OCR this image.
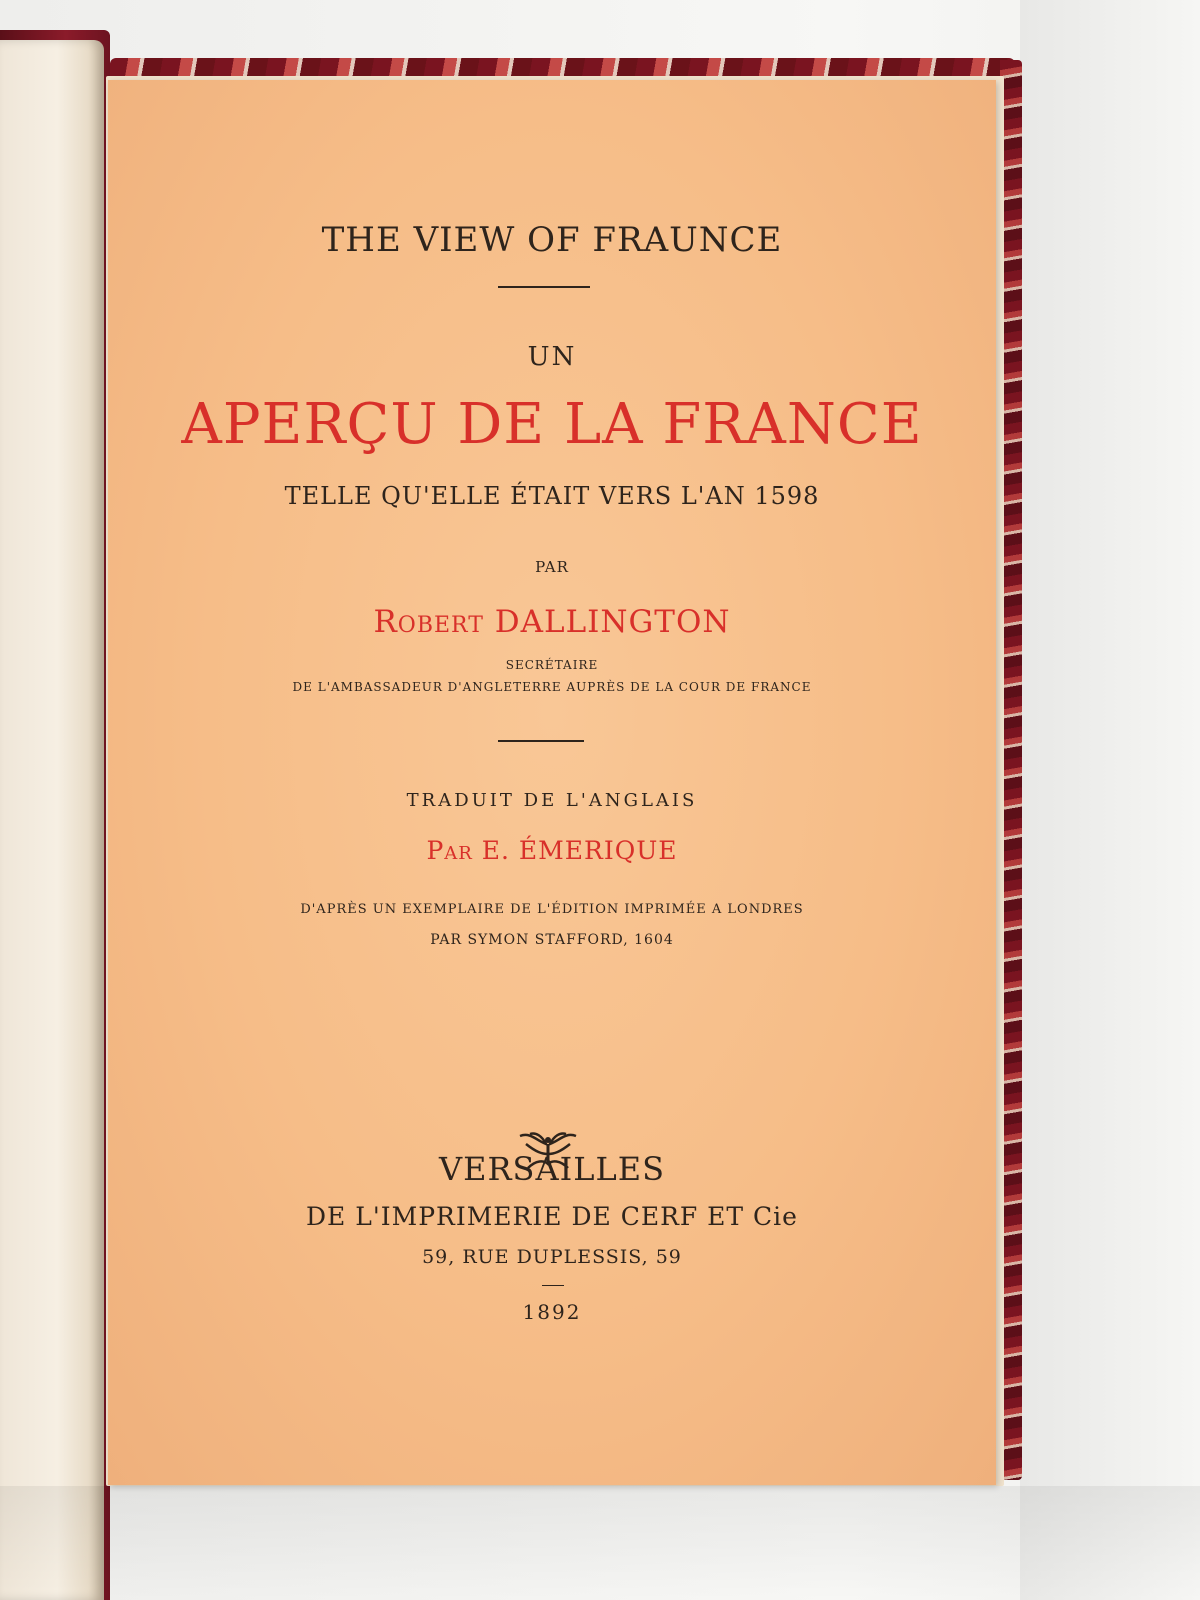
THE VIEW OF FRAUNCE
UN
APERÇU DE LA FRANCE
TELLE QU'ELLE ÉTAIT VERS L'AN 1598
PAR
Robert DALLINGTON
SECRÉTAIRE
DE L'AMBASSADEUR D'ANGLETERRE AUPRÈS DE LA COUR DE FRANCE
TRADUIT DE L'ANGLAIS
Par E. ÉMERIQUE
D'APRÈS UN EXEMPLAIRE DE L'ÉDITION IMPRIMÉE A LONDRES
PAR SYMON STAFFORD, 1604
VERSAILLES
DE L'IMPRIMERIE DE CERF ET Cie
59, RUE DUPLESSIS, 59
1892
